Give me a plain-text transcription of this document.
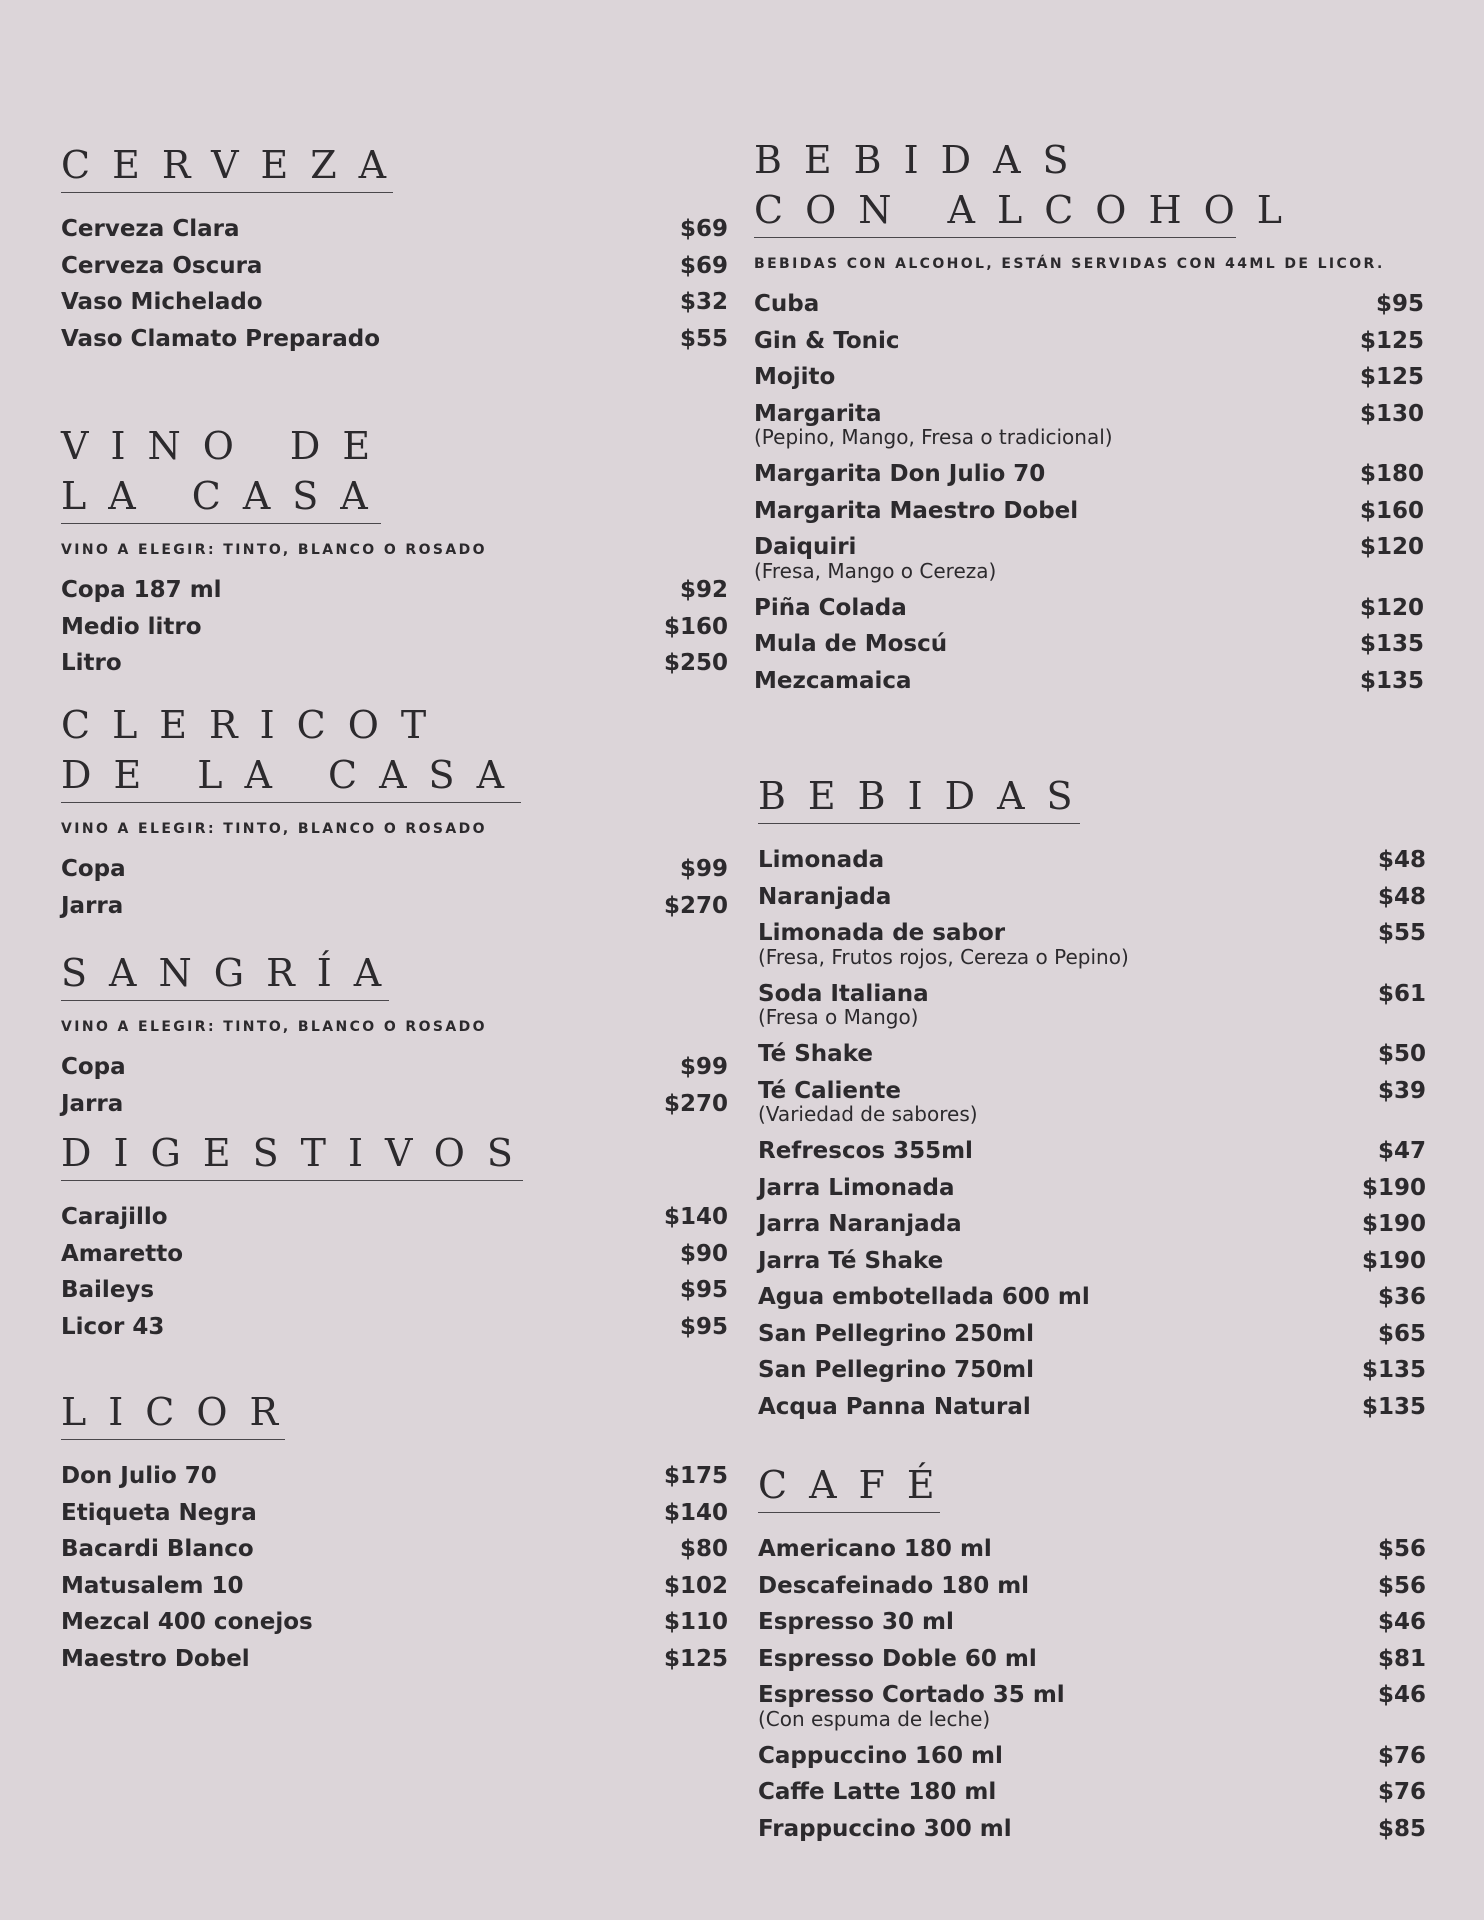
CERVEZA
Cerveza Clara	$69
Cerveza Oscura	$69
Vaso Michelado	$32
Vaso Clamato Preparado	$55
VINO DE
LA CASA
VINO A ELEGIR: TINTO, BLANCO O ROSADO
Copa 187 ml	$92
Medio litro	$160
Litro	$250
CLERICOT
DE LA CASA
VINO A ELEGIR: TINTO, BLANCO O ROSADO
Copa	$99
Jarra	$270
SANGRÍA
VINO A ELEGIR: TINTO, BLANCO O ROSADO
Copa	$99
Jarra	$270
DIGESTIVOS
Carajillo	$140
Amaretto	$90
Baileys	$95
Licor 43	$95
LICOR
Don Julio 70	$175
Etiqueta Negra	$140
Bacardi Blanco	$80
Matusalem 10	$102
Mezcal 400 conejos	$110
Maestro Dobel	$125
BEBIDAS
CON ALCOHOL
BEBIDAS CON ALCOHOL, ESTÁN SERVIDAS CON 44ML DE LICOR.
Cuba	$95
Gin & Tonic	$125
Mojito	$125
Margarita	$130
(Pepino, Mango, Fresa o tradicional)
Margarita Don Julio 70	$180
Margarita Maestro Dobel	$160
Daiquiri	$120
(Fresa, Mango o Cereza)
Piña Colada	$120
Mula de Moscú	$135
Mezcamaica	$135
BEBIDAS
Limonada	$48
Naranjada	$48
Limonada de sabor	$55
(Fresa, Frutos rojos, Cereza o Pepino)
Soda Italiana	$61
(Fresa o Mango)
Té Shake	$50
Té Caliente	$39
(Variedad de sabores)
Refrescos 355ml	$47
Jarra Limonada	$190
Jarra Naranjada	$190
Jarra Té Shake	$190
Agua embotellada 600 ml	$36
San Pellegrino 250ml	$65
San Pellegrino 750ml	$135
Acqua Panna Natural	$135
CAFÉ
Americano 180 ml	$56
Descafeinado 180 ml	$56
Espresso 30 ml	$46
Espresso Doble 60 ml	$81
Espresso Cortado 35 ml	$46
(Con espuma de leche)
Cappuccino 160 ml	$76
Caffe Latte 180 ml	$76
Frappuccino 300 ml	$85
